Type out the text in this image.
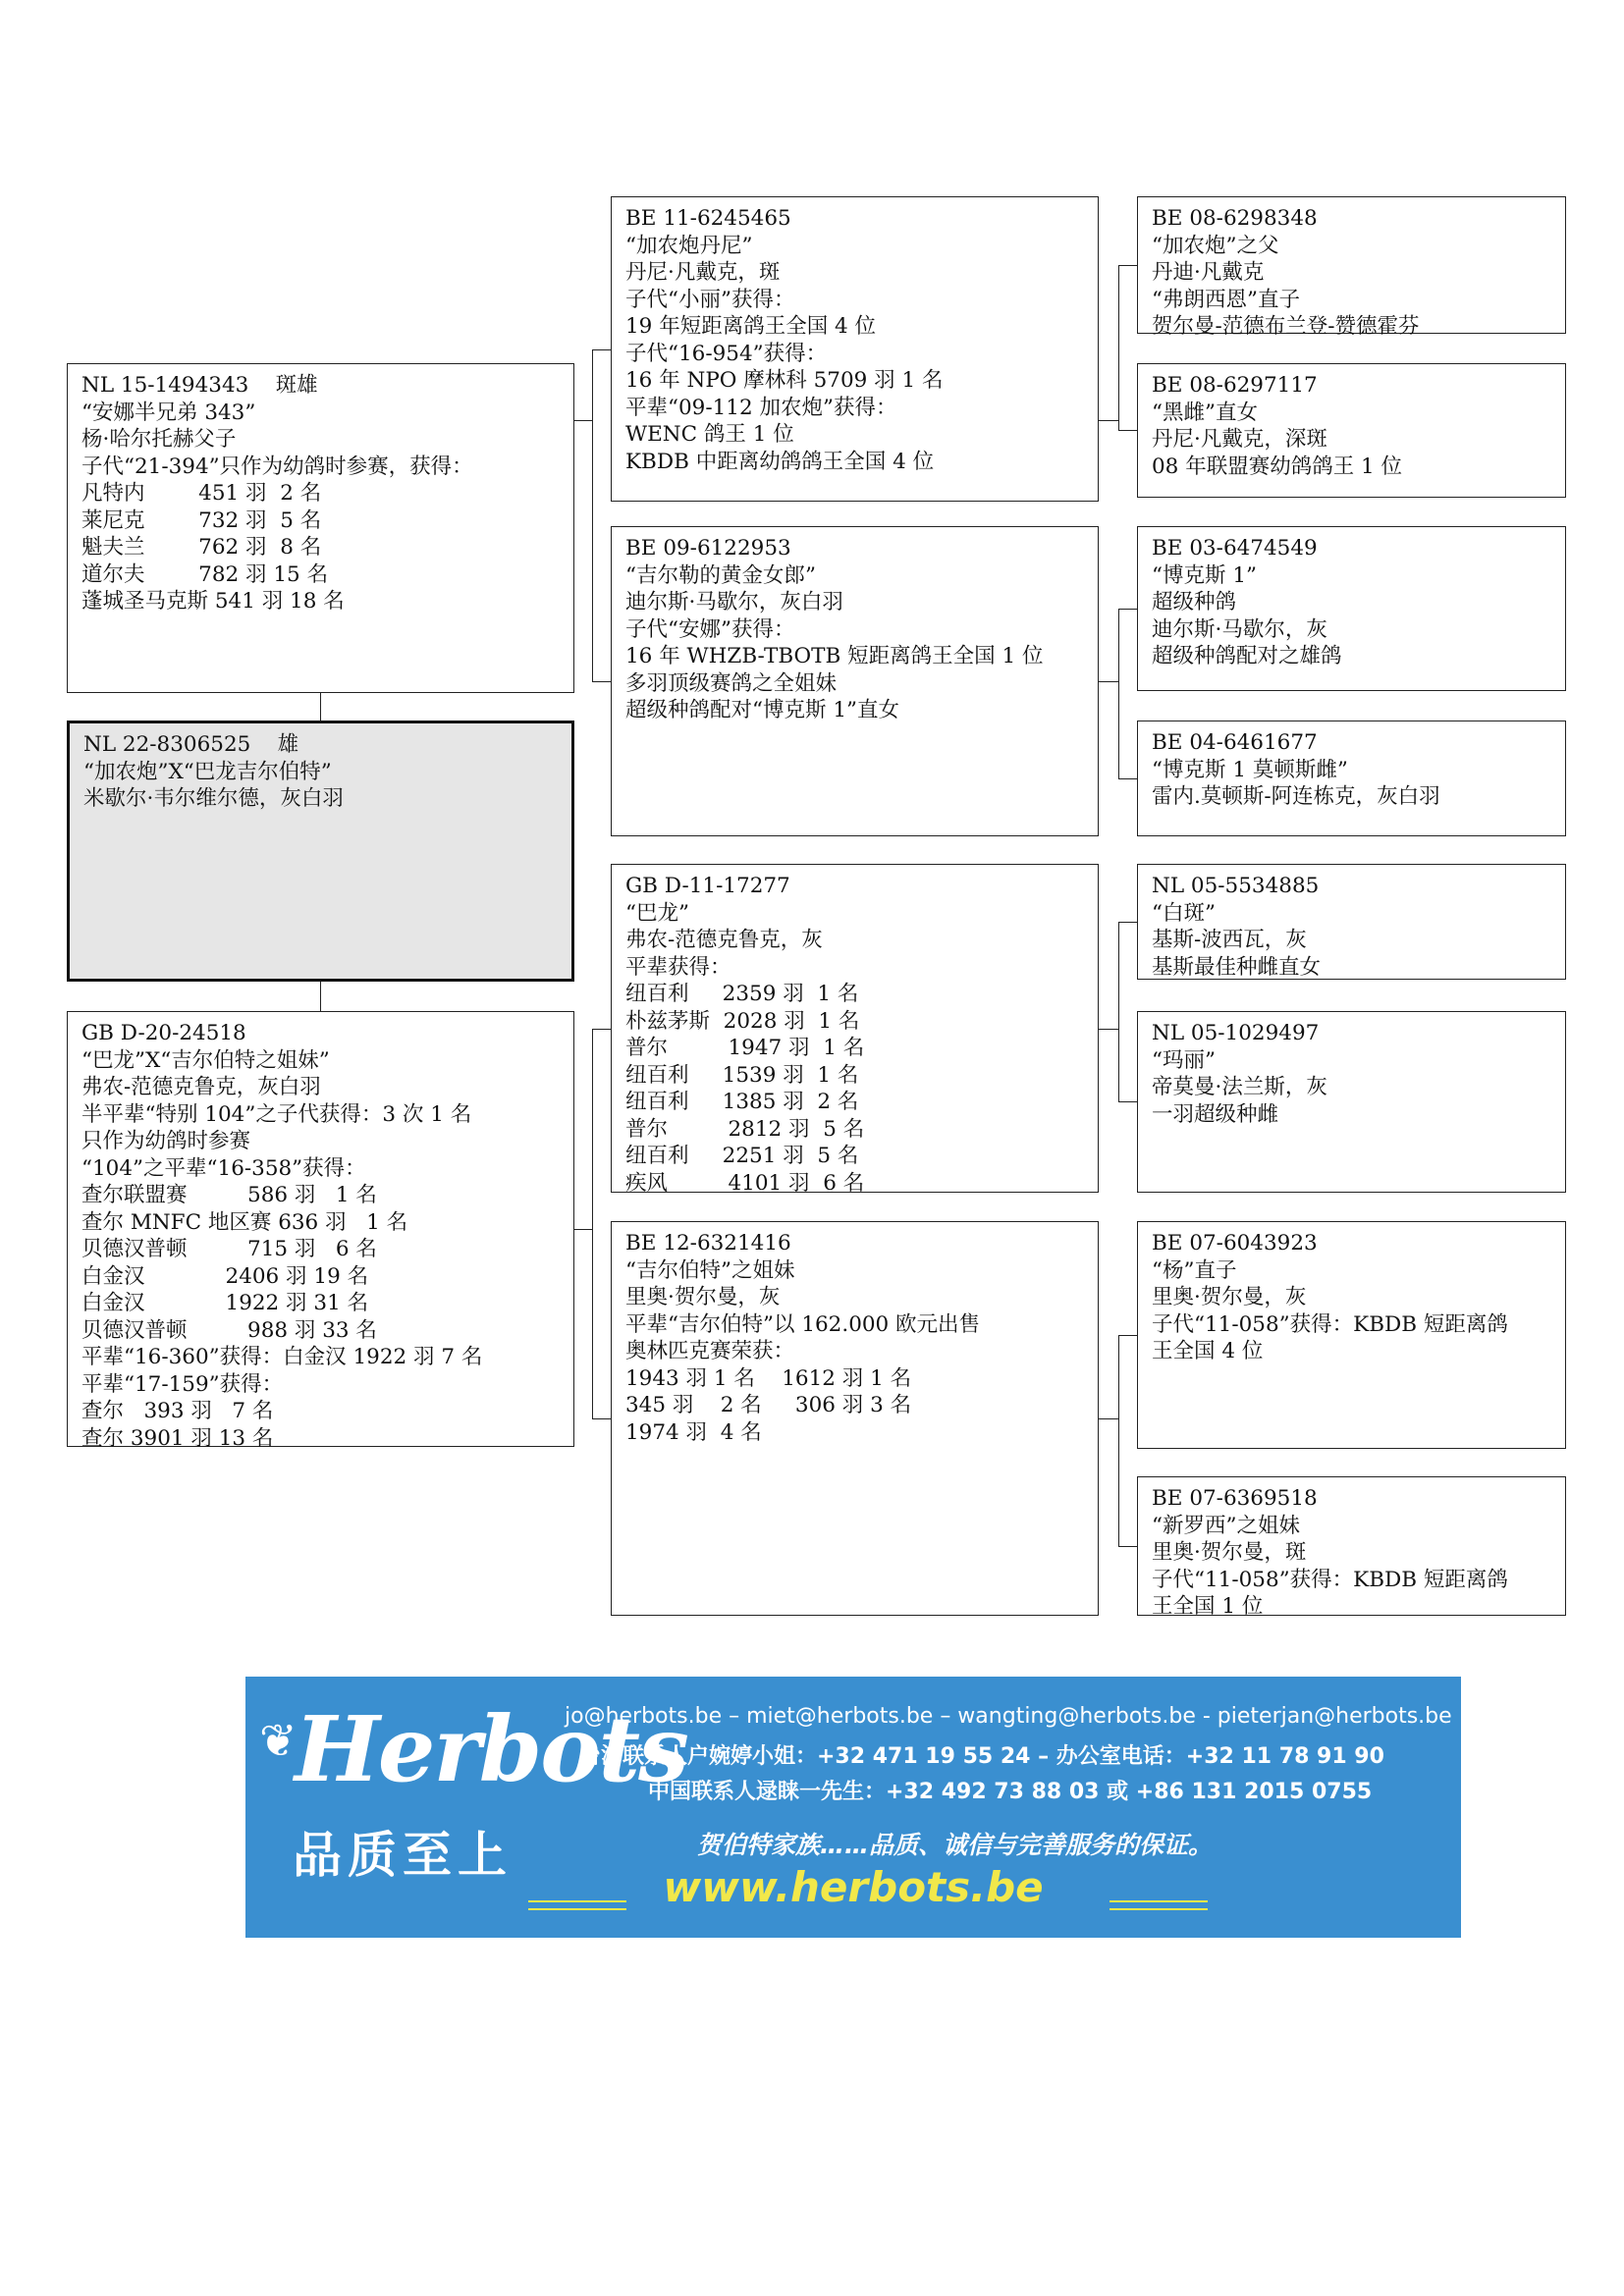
NL 15-1494343    斑雄
“安娜半兄弟 343”
杨·哈尔托赫父子
子代“21-394”只作为幼鸽时参赛，获得：
凡特内        451 羽  2 名
莱尼克        732 羽  5 名
魁夫兰        762 羽  8 名
道尔夫        782 羽 15 名
蓬城圣马克斯 541 羽 18 名
NL 22-8306525    雄
“加农炮”X“巴龙吉尔伯特”
米歇尔·韦尔维尔德，灰白羽
GB D-20-24518
“巴龙”X“吉尔伯特之姐妹”
弗农-范德克鲁克，灰白羽
半平辈“特别 104”之子代获得：3 次 1 名
只作为幼鸽时参赛
“104”之平辈“16-358”获得：
查尔联盟赛         586 羽   1 名
查尔 MNFC 地区赛 636 羽   1 名
贝德汉普顿         715 羽   6 名
白金汉            2406 羽 19 名
白金汉            1922 羽 31 名
贝德汉普顿         988 羽 33 名
平辈“16-360”获得：白金汉 1922 羽 7 名
平辈“17-159”获得：
查尔   393 羽   7 名
查尔 3901 羽 13 名
BE 11-6245465
“加农炮丹尼”
丹尼·凡戴克，斑
子代“小丽”获得：
19 年短距离鸽王全国 4 位
子代“16-954”获得：
16 年 NPO 摩林科 5709 羽 1 名
平辈“09-112 加农炮”获得：
WENC 鸽王 1 位
KBDB 中距离幼鸽鸽王全国 4 位
BE 09-6122953
“吉尔勒的黄金女郎”
迪尔斯·马歇尔，灰白羽
子代“安娜”获得：
16 年 WHZB-TBOTB 短距离鸽王全国 1 位
多羽顶级赛鸽之全姐妹
超级种鸽配对“博克斯 1”直女
GB D-11-17277
“巴龙”
弗农-范德克鲁克，灰
平辈获得：
纽百利     2359 羽  1 名
朴兹茅斯  2028 羽  1 名
普尔         1947 羽  1 名
纽百利     1539 羽  1 名
纽百利     1385 羽  2 名
普尔         2812 羽  5 名
纽百利     2251 羽  5 名
疾风         4101 羽  6 名
BE 12-6321416
“吉尔伯特”之姐妹
里奥·贺尔曼，灰
平辈“吉尔伯特”以 162.000 欧元出售
奥林匹克赛荣获：
1943 羽 1 名    1612 羽 1 名
345 羽    2 名     306 羽 3 名
1974 羽  4 名
BE 08-6298348
“加农炮”之父
丹迪·凡戴克
“弗朗西恩”直子
贺尔曼-范德布兰登-赞德霍芬
BE 08-6297117
“黑雌”直女
丹尼·凡戴克，深斑
08 年联盟赛幼鸽鸽王 1 位
BE 03-6474549
“博克斯 1”
超级种鸽
迪尔斯·马歇尔，灰
超级种鸽配对之雄鸽
BE 04-6461677
“博克斯 1 莫顿斯雌”
雷内.莫顿斯-阿连栋克，灰白羽
NL 05-5534885
“白斑”
基斯-波西瓦，灰
基斯最佳种雌直女
NL 05-1029497
“玛丽”
帝莫曼·法兰斯，灰
一羽超级种雌
BE 07-6043923
“杨”直子
里奥·贺尔曼，灰
子代“11-058”获得：KBDB 短距离鸽
王全国 4 位
BE 07-6369518
“新罗西”之姐妹
里奥·贺尔曼，斑
子代“11-058”获得：KBDB 短距离鸽
王全国 1 位
❦
Herbots
品质至上
jo@herbots.be – miet@herbots.be – wangting@herbots.be - pieterjan@herbots.be
台湾联系人户婉婷小姐：+32 471 19 55 24 – 办公室电话：+32 11 78 91 90
中国联系人逯睐一先生：+32 492 73 88 03 或 +86 131 2015 0755
贺伯特家族……品质、诚信与完善服务的保证。
www.herbots.be
